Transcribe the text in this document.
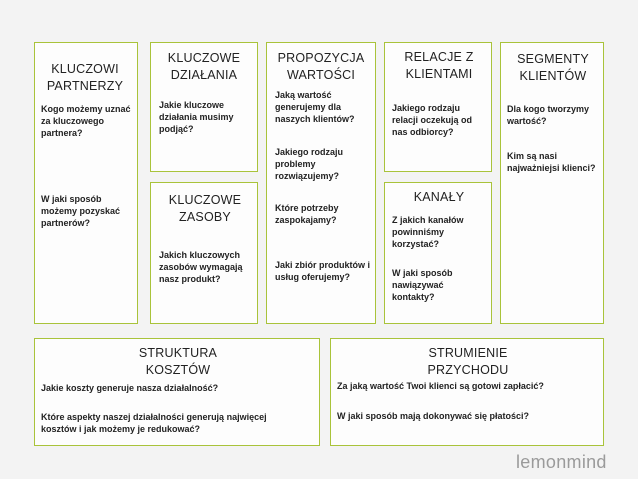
KLUCZOWI PARTNERZY
Kogo możemy uznać za kluczowego partnera?
W jaki sposób możemy pozyskać partnerów?
KLUCZOWE DZIAŁANIA
Jakie kluczowe działania musimy podjąć?
KLUCZOWE ZASOBY
Jakich kluczowych zasobów wymagają nasz produkt?
PROPOZYCJA WARTOŚCI
Jaką wartość generujemy dla naszych klientów?
Jakiego rodzaju problemy rozwiązujemy?
Które potrzeby zaspokajamy?
Jaki zbiór produktów i usług oferujemy?
RELACJE Z KLIENTAMI
Jakiego rodzaju relacji oczekują od nas odbiorcy?
KANAŁY
Z jakich kanałów powinniśmy korzystać?
W jaki sposób nawiązywać kontakty?
SEGMENTY KLIENTÓW
Dla kogo tworzymy wartość?
Kim są nasi najważniejsi klienci?
STRUKTURA KOSZTÓW
Jakie koszty generuje nasza działalność?
Które aspekty naszej działalności generują najwięcej kosztów i jak możemy je redukować?
STRUMIENIE PRZYCHODU
Za jaką wartość Twoi klienci są gotowi zapłacić?
W jaki sposób mają dokonywać się płatości?
lemonmind
